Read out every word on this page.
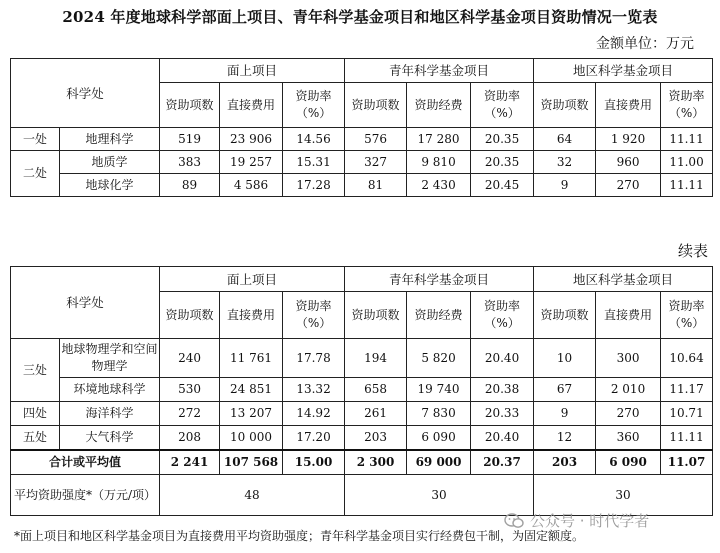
2024 年度地球科学部面上项目、青年科学基金项目和地区科学基金项目资助情况一览表
金额单位：万元
科学处		面上项目			青年科学基金项目			地区科学基金项目		
		资助项数	直接费用	资助率（%）	资助项数	资助经费	资助率（%）	资助项数	直接费用	资助率（%）
一处	地理科学	519	23 906	14.56	576	17 280	20.35	64	1 920	11.11
二处	地质学	383	19 257	15.31	327	9 810	20.35	32	960	11.00
	地球化学	89	4 586	17.28	81	2 430	20.45	9	270	11.11
续表
科学处		面上项目			青年科学基金项目			地区科学基金项目		
		资助项数	直接费用	资助率（%）	资助项数	资助经费	资助率（%）	资助项数	直接费用	资助率（%）
三处	地球物理学和空间物理学	240	11 761	17.78	194	5 820	20.40	10	300	10.64
	环境地球科学	530	24 851	13.32	658	19 740	20.38	67	2 010	11.17
四处	海洋科学	272	13 207	14.92	261	7 830	20.33	9	270	10.71
五处	大气科学	208	10 000	17.20	203	6 090	20.40	12	360	11.11
合计或平均值		2 241	107 568	15.00	2 300	69 000	20.37	203	6 090	11.07
平均资助强度*（万元/项）		48			30			30		
*面上项目和地区科学基金项目为直接费用平均资助强度；青年科学基金项目实行经费包干制，为固定额度。
公众号 · 时代学者
